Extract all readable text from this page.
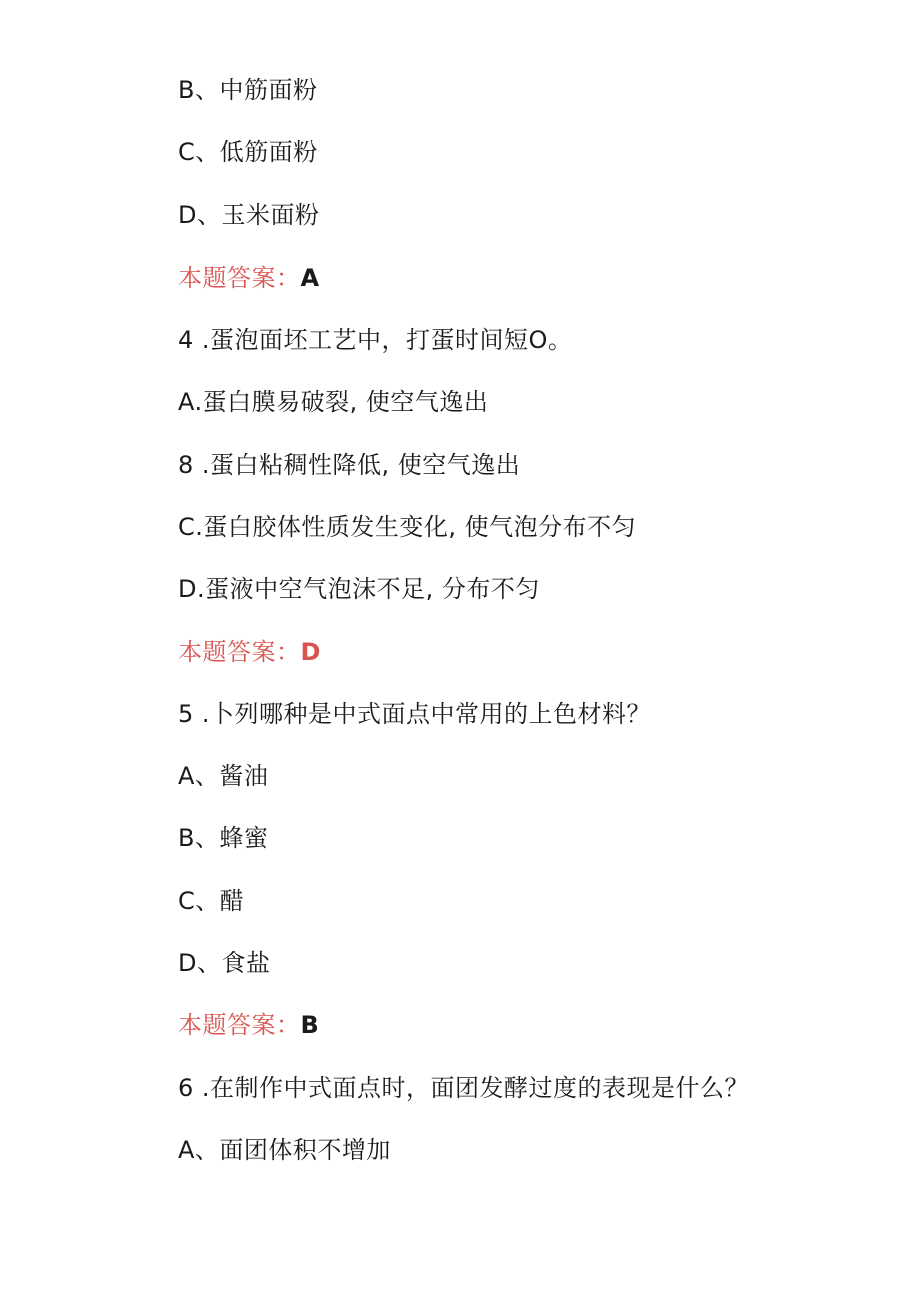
B、中筋面粉
C、低筋面粉
D、玉米面粉
本题答案：A
4 .蛋泡面坯工艺中，打蛋时间短O。
A.蛋白膜易破裂, 使空气逸出
8 .蛋白粘稠性降低, 使空气逸出
C.蛋白胶体性质发生变化, 使气泡分布不匀
D.蛋液中空气泡沫不足, 分布不匀
本题答案：D
5 .卜列哪种是中式面点中常用的上色材料？
A、酱油
B、蜂蜜
C、醋
D、食盐
本题答案：B
6 .在制作中式面点时，面团发酵过度的表现是什么？
A、面团体积不增加
